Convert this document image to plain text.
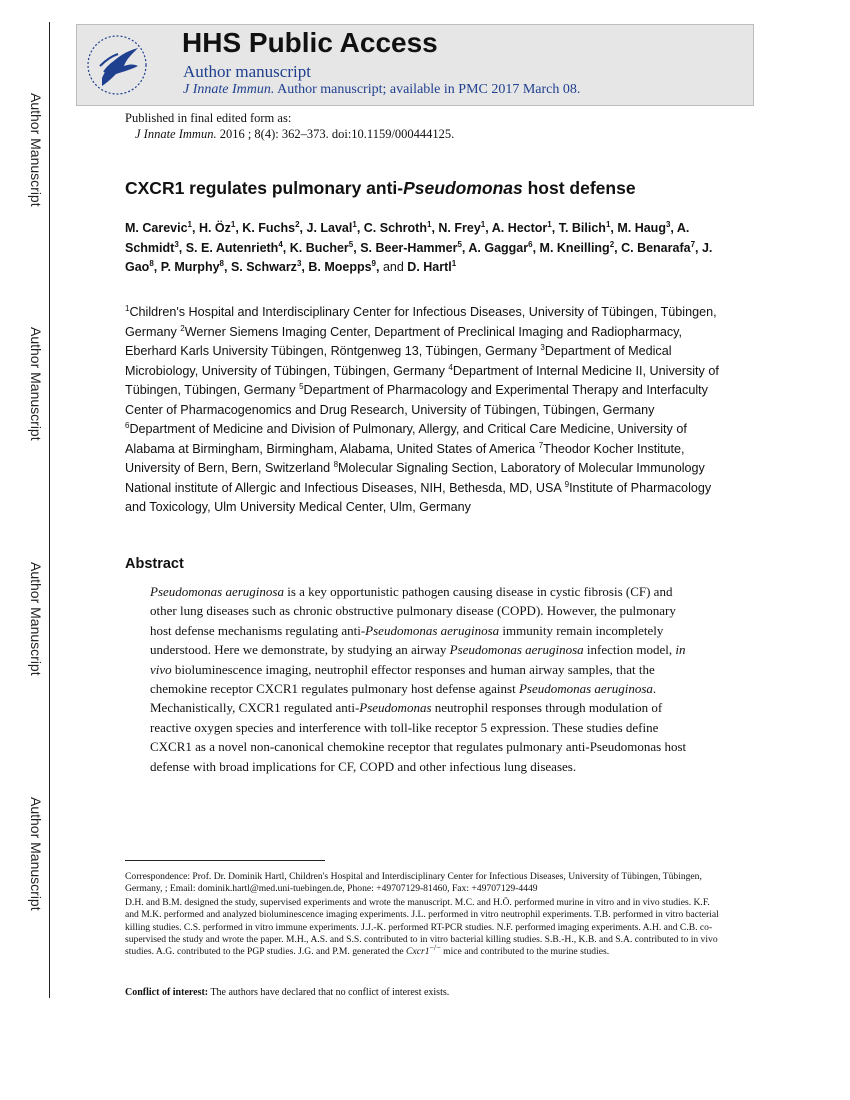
Author Manuscript
Author Manuscript
Author Manuscript
Author Manuscript
HHS Public Access
Author manuscript
J Innate Immun. Author manuscript; available in PMC 2017 March 08.
Published in final edited form as:
J Innate Immun. 2016 ; 8(4): 362–373. doi:10.1159/000444125.
CXCR1 regulates pulmonary anti-Pseudomonas host defense
M. Carevic$^1$, H. $Öz^1$, K. Fuchs$^2$, J. Laval$^1$, C. Schroth$^1$, N. Frey$^1$, A. Hector$^1$, T. Bilich$^1$, M. Haug$^3$, A. Schmidt$^3$, S. E. Autenrieth$^4$, K. Bucher$^5$, S. Beer-Hammer$^5$, A. Gaggar$^6$, M. Kneilling$^2$, C. Benarafa$^7$, J. Gao$^8$, P. Murphy$^8$, S. Schwarz$^3$, B. Moepps$^9$, and D. Hartl$^1$
$^1$Children's Hospital and Interdisciplinary Center for Infectious Diseases, University of Tübingen, Tübingen, Germany $^2$Werner Siemens Imaging Center, Department of Preclinical Imaging and Radiopharmacy, Eberhard Karls University Tübingen, Röntgenweg 13, Tübingen, Germany $^3$Department of Medical Microbiology, University of Tübingen, Tübingen, Germany $^4$Department of Internal Medicine II, University of Tübingen, Tübingen, Germany $^5$Department of Pharmacology and Experimental Therapy and Interfaculty Center of Pharmacogenomics and Drug Research, University of Tübingen, Tübingen, Germany $^6$Department of Medicine and Division of Pulmonary, Allergy, and Critical Care Medicine, University of Alabama at Birmingham, Birmingham, Alabama, United States of America $^7$Theodor Kocher Institute, University of Bern, Bern, Switzerland $^8$Molecular Signaling Section, Laboratory of Molecular Immunology National institute of Allergic and Infectious Diseases, NIH, Bethesda, MD, USA $^9$Institute of Pharmacology and Toxicology, Ulm University Medical Center, Ulm, Germany
Abstract
Pseudomonas aeruginosa is a key opportunistic pathogen causing disease in cystic fibrosis (CF) and other lung diseases such as chronic obstructive pulmonary disease (COPD). However, the pulmonary host defense mechanisms regulating anti-Pseudomonas aeruginosa immunity remain incompletely understood. Here we demonstrate, by studying an airway Pseudomonas aeruginosa infection model, in vivo bioluminescence imaging, neutrophil effector responses and human airway samples, that the chemokine receptor CXCR1 regulates pulmonary host defense against Pseudomonas aeruginosa. Mechanistically, CXCR1 regulated anti-Pseudomonas neutrophil responses through modulation of reactive oxygen species and interference with toll-like receptor 5 expression. These studies define CXCR1 as a novel non-canonical chemokine receptor that regulates pulmonary anti-Pseudomonas host defense with broad implications for CF, COPD and other infectious lung diseases.

Correspondence: Prof. Dr. Dominik Hartl, Children's Hospital and Interdisciplinary Center for Infectious Diseases, University of Tübingen, Tübingen, Germany, ; Email: dominik.hartl@med.uni-tuebingen.de, Phone: +49707129-81460, Fax: +49707129-4449

D.H. and B.M. designed the study, supervised experiments and wrote the manuscript. M.C. and H.Ö. performed murine in vitro and in vivo studies. K.F. and M.K. performed and analyzed bioluminescence imaging experiments. J.L. performed in vitro neutrophil experiments. T.B. performed in vitro bacterial killing studies. C.S. performed in vitro immune experiments. J.J.-K. performed RT-PCR studies. N.F. performed imaging experiments. A.H. and C.B. co-supervised the study and wrote the paper. M.H., A.S. and S.S. contributed to in vitro bacterial killing studies. S.B.-H., K.B. and S.A. contributed to in vivo studies. A.G. contributed to the PGP studies. J.G. and P.M. generated the Cxcr1−/− mice and contributed to the murine studies.

Conflict of interest: The authors have declared that no conflict of interest exists.
